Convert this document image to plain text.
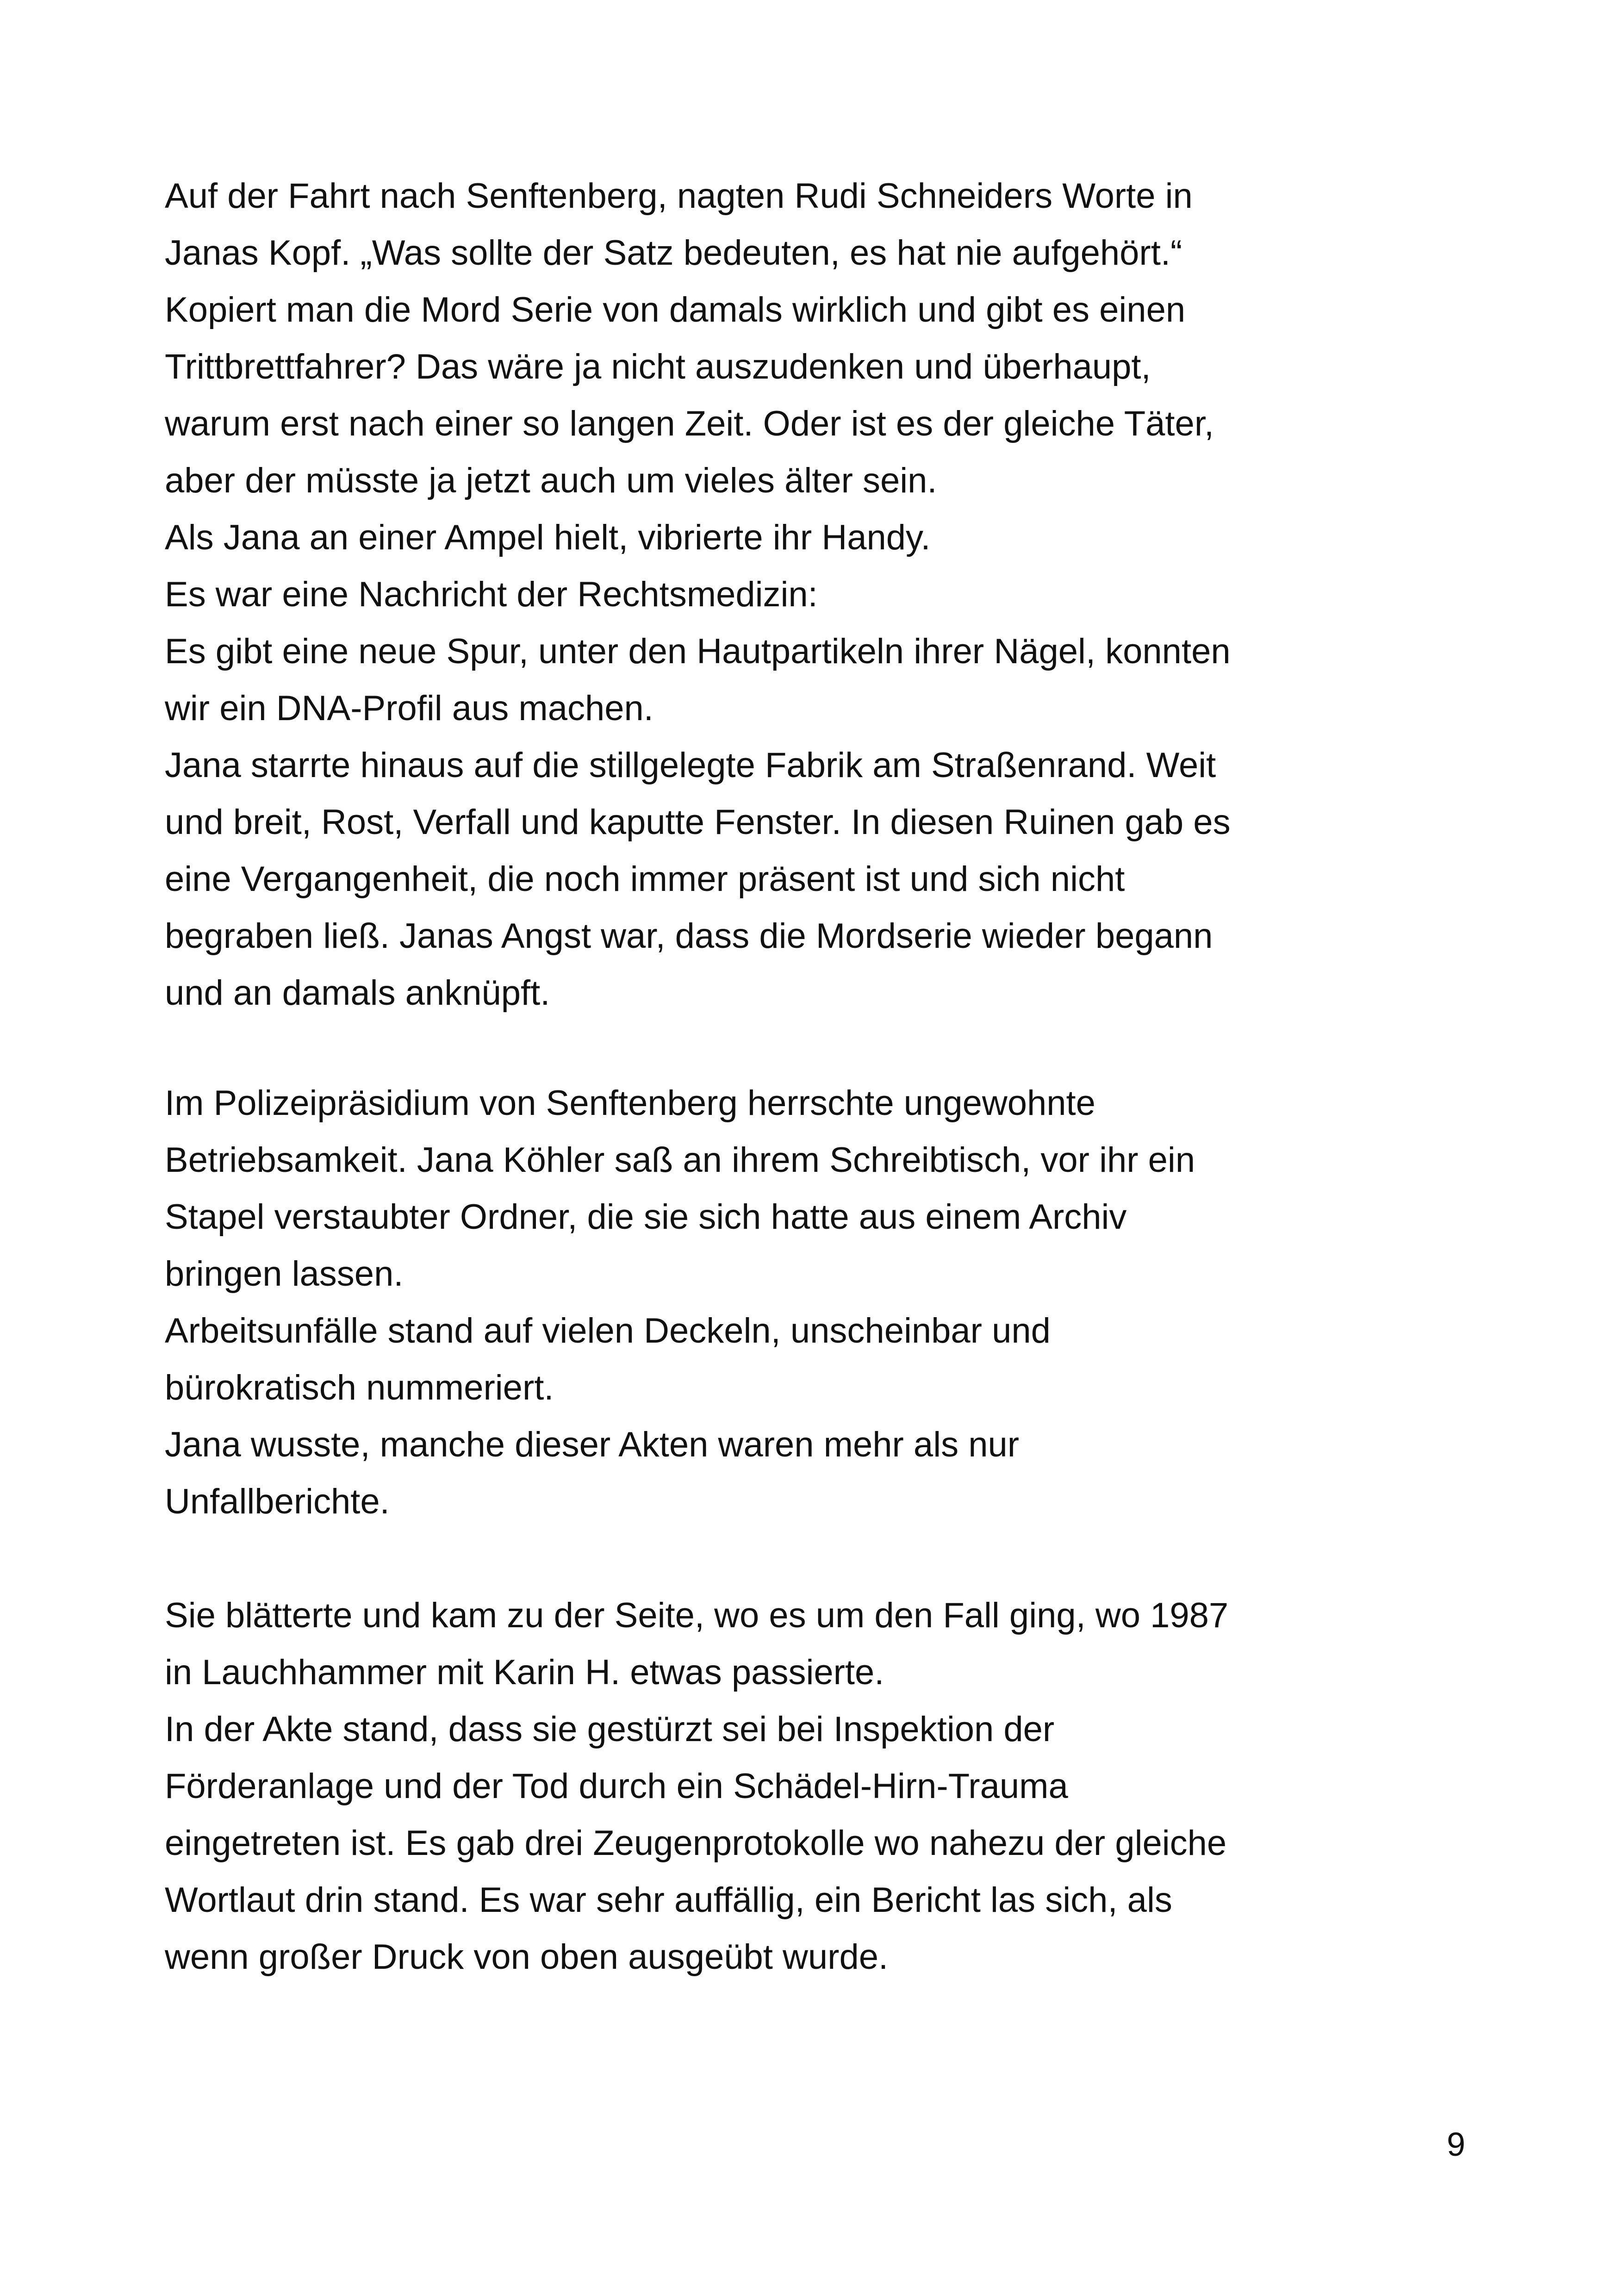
Auf der Fahrt nach Senftenberg, nagten Rudi Schneiders Worte in
Janas Kopf. „Was sollte der Satz bedeuten, es hat nie aufgehört.“
Kopiert man die Mord Serie von damals wirklich und gibt es einen
Trittbrettfahrer? Das wäre ja nicht auszudenken und überhaupt,
warum erst nach einer so langen Zeit. Oder ist es der gleiche Täter,
aber der müsste ja jetzt auch um vieles älter sein.
Als Jana an einer Ampel hielt, vibrierte ihr Handy.
Es war eine Nachricht der Rechtsmedizin:
Es gibt eine neue Spur, unter den Hautpartikeln ihrer Nägel, konnten
wir ein DNA-Profil aus machen.
Jana starrte hinaus auf die stillgelegte Fabrik am Straßenrand. Weit
und breit, Rost, Verfall und kaputte Fenster. In diesen Ruinen gab es
eine Vergangenheit, die noch immer präsent ist und sich nicht
begraben ließ. Janas Angst war, dass die Mordserie wieder begann
und an damals anknüpft.
Im Polizeipräsidium von Senftenberg herrschte ungewohnte
Betriebsamkeit. Jana Köhler saß an ihrem Schreibtisch, vor ihr ein
Stapel verstaubter Ordner, die sie sich hatte aus einem Archiv
bringen lassen.
Arbeitsunfälle stand auf vielen Deckeln, unscheinbar und
bürokratisch nummeriert.
Jana wusste, manche dieser Akten waren mehr als nur
Unfallberichte.
Sie blätterte und kam zu der Seite, wo es um den Fall ging, wo 1987
in Lauchhammer mit Karin H. etwas passierte.
In der Akte stand, dass sie gestürzt sei bei Inspektion der
Förderanlage und der Tod durch ein Schädel-Hirn-Trauma
eingetreten ist. Es gab drei Zeugenprotokolle wo nahezu der gleiche
Wortlaut drin stand. Es war sehr auffällig, ein Bericht las sich, als
wenn großer Druck von oben ausgeübt wurde.
9
